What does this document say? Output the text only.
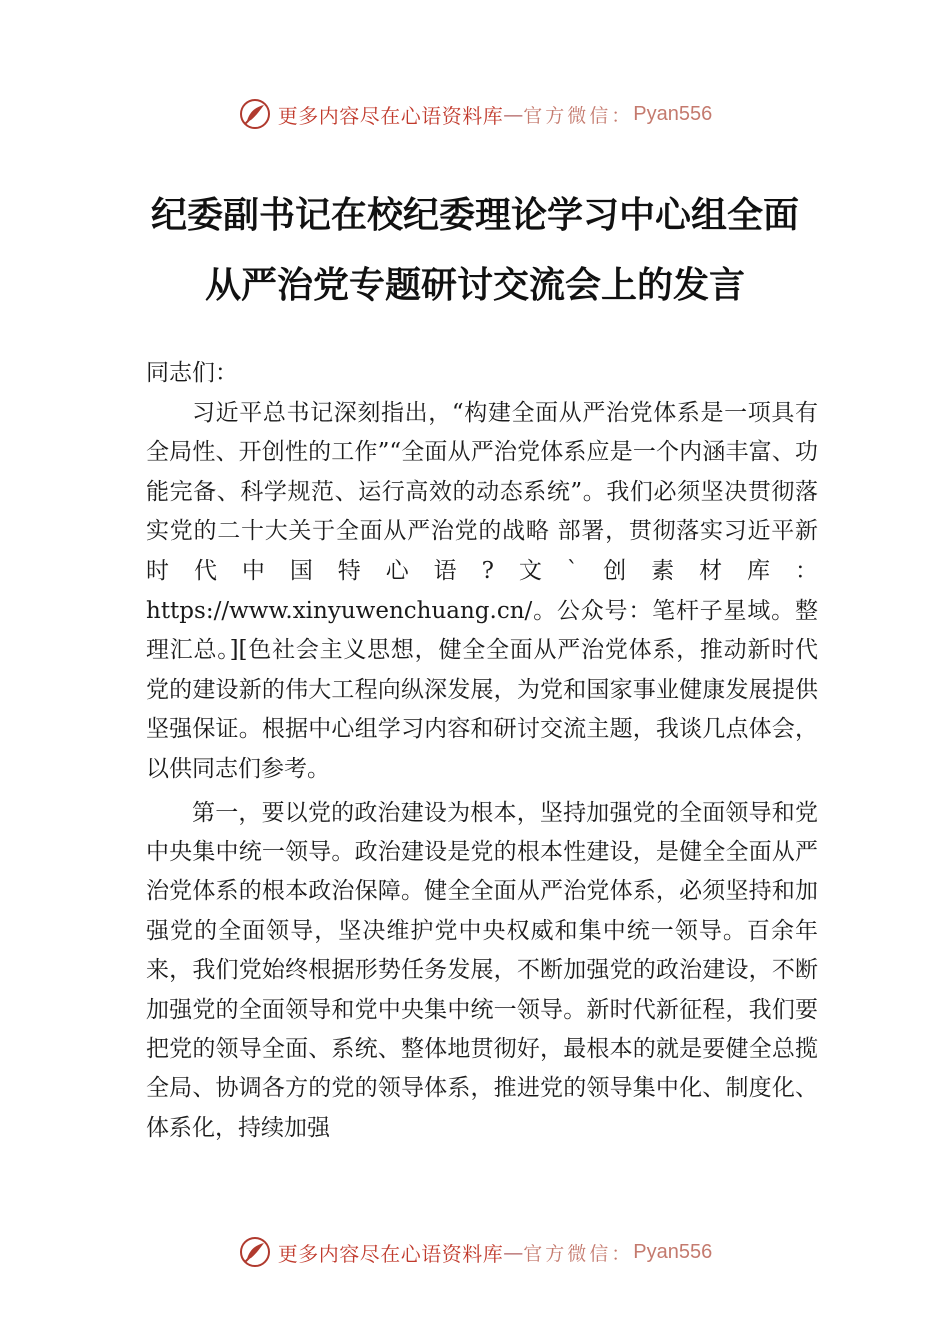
更多内容尽在心语资料库 — 官方微信： Pyan556
纪委副书记在校纪委理论学习中心组全面
从严治党专题研讨交流会上的发言

同志们：

习近平总书记深刻指出，“构建全面从严治党体系是一项具有全局性、开创性的工作”“全面从严治党体系应是一个内涵丰富、功能完备、科学规范、运行高效的动态系统”。我们必须坚决贯彻落实党的二十大关于全面从严治党的战略 部署，贯彻落实习近平新时代中国特心语?文`创素材库：https://www.xinyuwenchuang.cn/。公众号：笔杆子星域。整理汇总。][色社会主义思想，健全全面从严治党体系，推动新时代党的建设新的伟大工程向纵深发展，为党和国家事业健康发展提供坚强保证。根据中心组学习内容和研讨交流主题，我谈几点体会，以供同志们参考。

第一，要以党的政治建设为根本，坚持加强党的全面领导和党中央集中统一领导。政治建设是党的根本性建设，是健全全面从严治党体系的根本政治保障。健全全面从严治党体系，必须坚持和加强党的全面领导，坚决维护党中央权威和集中统一领导。百余年来，我们党始终根据形势任务发展，不断加强党的政治建设，不断加强党的全面领导和党中央集中统一领导。新时代新征程，我们要把党的领导全面、系统、整体地贯彻好，最根本的就是要健全总揽全局、协调各方的党的领导体系，推进党的领导集中化、制度化、体系化，持续加强

更多内容尽在心语资料库 — 官方微信： Pyan556
